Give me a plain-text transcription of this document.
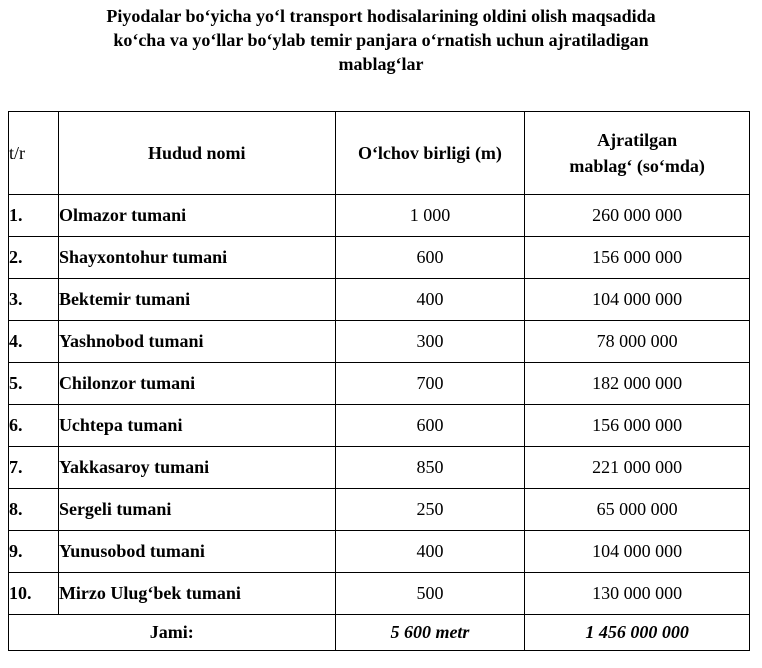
Piyodalar bo‘yicha yo‘l transport hodisalarining oldini olish maqsadida
ko‘cha va yo‘llar bo‘ylab temir panjara o‘rnatish uchun ajratiladigan
mablag‘lar
t/r	Hudud nomi	O‘lchov birligi (m)	Ajratilgan
mablag‘ (so‘mda)

1.	Olmazor tumani	1 000	260 000 000
2.	Shayxontohur tumani	600	156 000 000
3.	Bektemir tumani	400	104 000 000
4.	Yashnobod tumani	300	78 000 000
5.	Chilonzor tumani	700	182 000 000
6.	Uchtepa tumani	600	156 000 000
7.	Yakkasaroy tumani	850	221 000 000
8.	Sergeli tumani	250	65 000 000
9.	Yunusobod tumani	400	104 000 000
10.	Mirzo Ulug‘bek tumani	500	130 000 000
Jami:		5 600 metr	1 456 000 000
